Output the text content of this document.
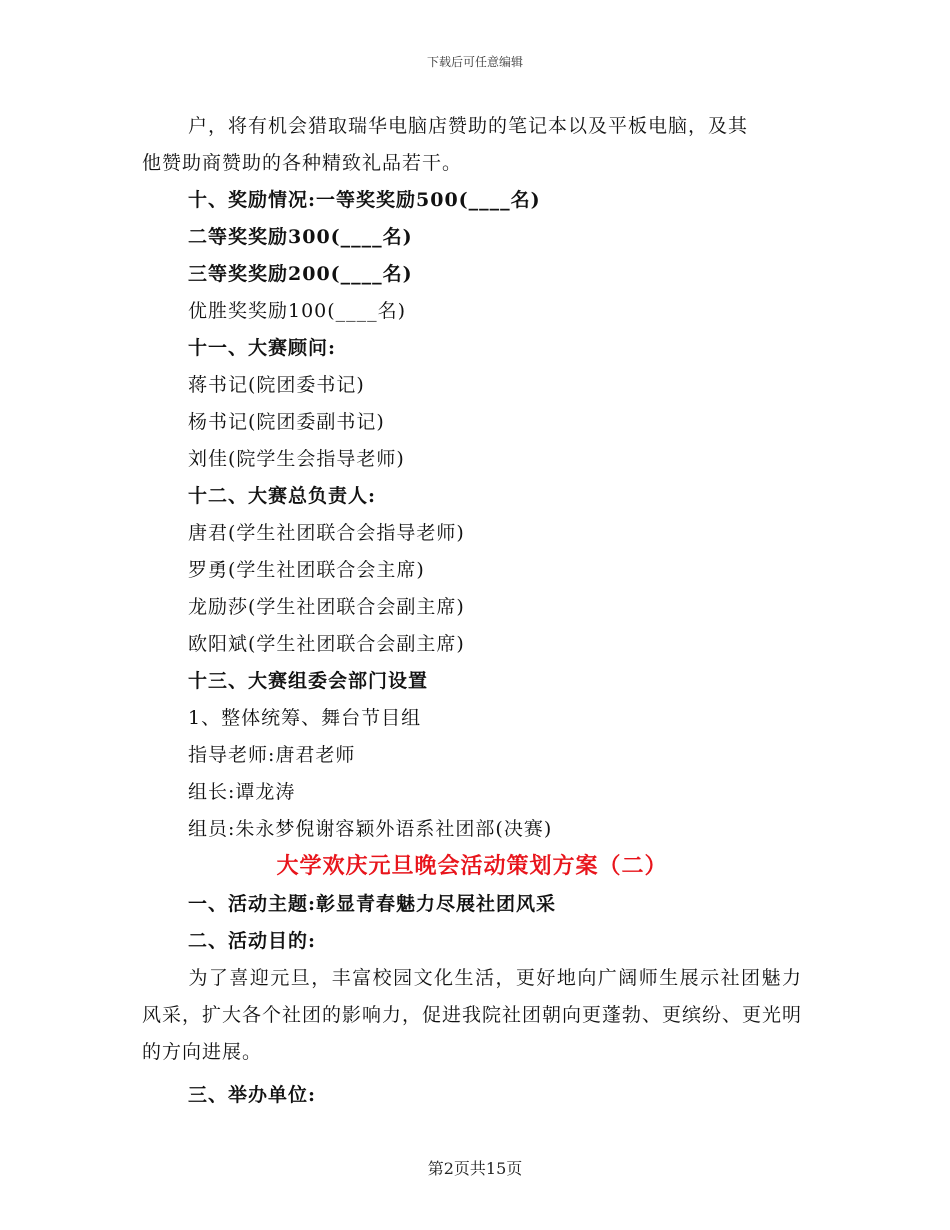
下载后可任意编辑
户，将有机会猎取瑞华电脑店赞助的笔记本以及平板电脑，及其
他赞助商赞助的各种精致礼品若干。
十、奖励情况:一等奖奖励500(____名)
二等奖奖励300(____名)
三等奖奖励200(____名)
优胜奖奖励100(____名)
十一、大赛顾问:
蒋书记(院团委书记)
杨书记(院团委副书记)
刘佳(院学生会指导老师)
十二、大赛总负责人:
唐君(学生社团联合会指导老师)
罗勇(学生社团联合会主席)
龙励莎(学生社团联合会副主席)
欧阳斌(学生社团联合会副主席)
十三、大赛组委会部门设置
1、整体统筹、舞台节目组
指导老师:唐君老师
组长:谭龙涛
组员:朱永梦倪谢容颖外语系社团部(决赛)
大学欢庆元旦晚会活动策划方案（二）
一、活动主题:彰显青春魅力尽展社团风采
二、活动目的:
为了喜迎元旦，丰富校园文化生活，更好地向广阔师生展示社团魅力风采，扩大各个社团的影响力，促进我院社团朝向更蓬勃、更缤纷、更光明的方向进展。
三、举办单位:
第2页共15页
